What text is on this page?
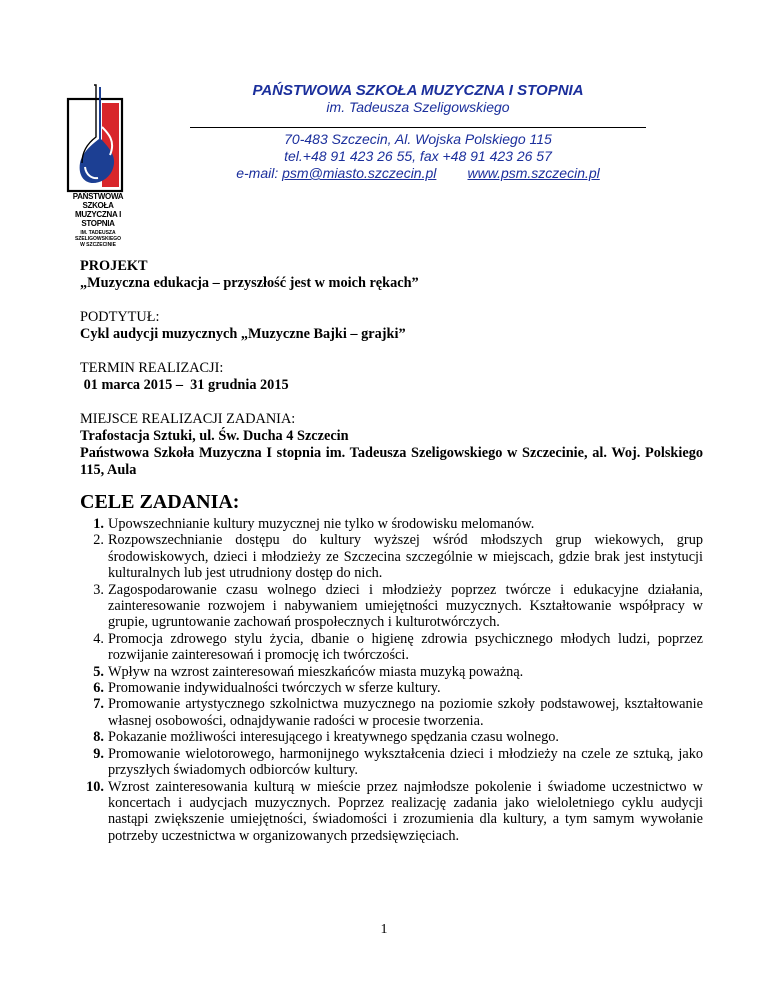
PAŃSTWOWA SZKOŁA
MUZYCZNA I STOPNIA
IM. TADEUSZA SZELIGOWSKIEGO
W SZCZECINIE
PAŃSTWOWA SZKOŁA MUZYCZNA I STOPNIA
im. Tadeusza Szeligowskiego
70-483 Szczecin, Al. Wojska Polskiego 115
tel.+48 91 423 26 55, fax +48 91 423 26 57
e-mail: psm@miasto.szczecin.pl www.psm.szczecin.pl
PROJEKT
„Muzyczna edukacja – przyszłość jest w moich rękach”
PODTYTUŁ:
Cykl audycji muzycznych „Muzyczne Bajki – grajki”
TERMIN REALIZACJI:
01 marca 2015 –  31 grudnia 2015
MIEJSCE REALIZACJI ZADANIA:
Trafostacja Sztuki, ul. Św. Ducha 4 Szczecin
Państwowa Szkoła Muzyczna I stopnia im. Tadeusza Szeligowskiego w Szczecinie, al. Woj. Polskiego 115, Aula
CELE ZADANIA:
1. Upowszechnianie kultury muzycznej nie tylko w środowisku melomanów.
2. Rozpowszechnianie dostępu do kultury wyższej wśród młodszych grup wiekowych, grup środowiskowych, dzieci i młodzieży ze Szczecina szczególnie w miejscach, gdzie brak jest instytucji kulturalnych lub jest utrudniony dostęp do nich.
3. Zagospodarowanie czasu wolnego dzieci i młodzieży poprzez twórcze i edukacyjne działania, zainteresowanie rozwojem i nabywaniem umiejętności muzycznych. Kształtowanie współpracy w grupie, ugruntowanie zachowań prospołecznych i kulturotwórczych.
4. Promocja zdrowego stylu życia, dbanie o higienę zdrowia psychicznego młodych ludzi, poprzez rozwijanie zainteresowań i promocję ich twórczości.
5. Wpływ na wzrost zainteresowań mieszkańców miasta muzyką poważną.
6. Promowanie indywidualności twórczych w sferze kultury.
7. Promowanie artystycznego szkolnictwa muzycznego na poziomie szkoły podstawowej, kształtowanie własnej osobowości, odnajdywanie radości w procesie tworzenia.
8. Pokazanie możliwości interesującego i kreatywnego spędzania czasu wolnego.
9. Promowanie wielotorowego, harmonijnego wykształcenia dzieci i młodzieży na czele ze sztuką, jako przyszłych świadomych odbiorców kultury.
10. Wzrost zainteresowania kulturą w mieście przez najmłodsze pokolenie i świadome uczestnictwo w koncertach i audycjach muzycznych. Poprzez realizację zadania jako wieloletniego cyklu audycji nastąpi zwiększenie umiejętności, świadomości i zrozumienia dla kultury, a tym samym wywołanie potrzeby uczestnictwa w organizowanych przedsięwzięciach.
1
